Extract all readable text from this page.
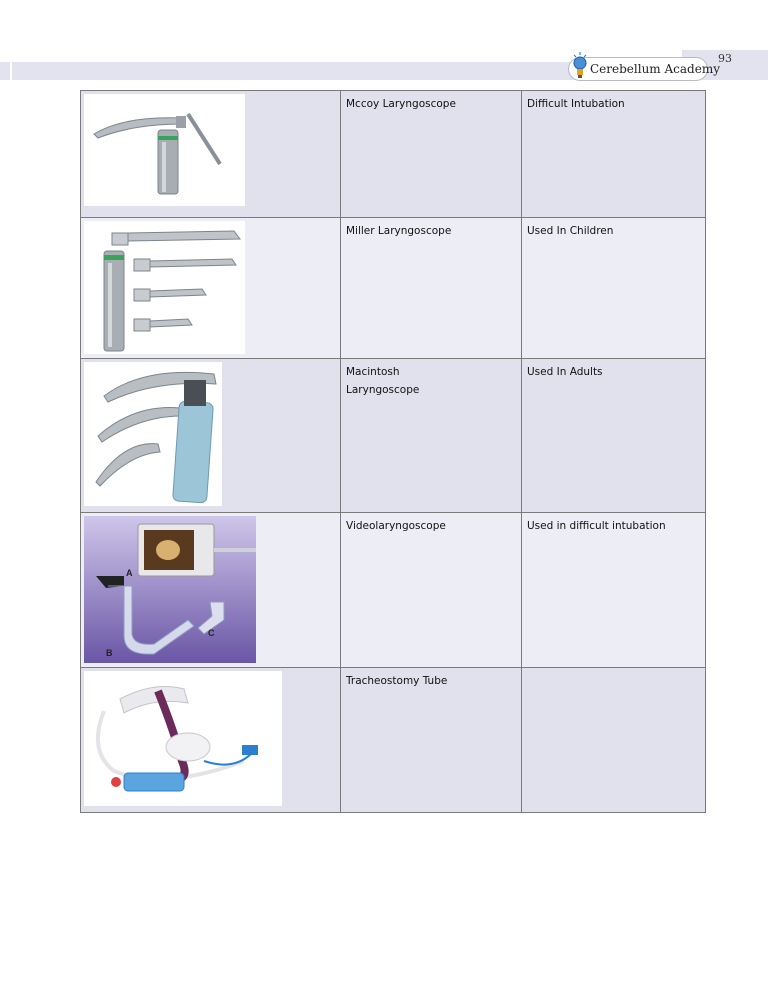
93
Cerebellum Academy

Mccoy Laryngoscope	Difficult Intubation

Miller Laryngoscope	Used In Children

Macintosh
Laryngoscope	Used In Adults

A
B
C	Videolaryngoscope	Used in difficult intubation

Tracheostomy Tube	
